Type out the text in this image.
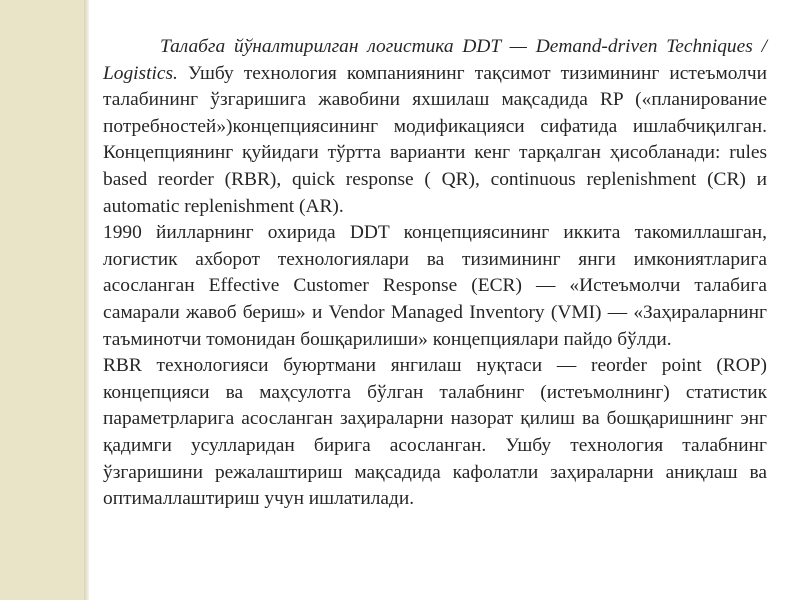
Талабга йўналтирилган логистика DDT — Demand-driven Techniques / Logistics. Ушбу технология компаниянинг тақсимот тизимининг истеъмолчи талабининг ўзгаришига жавобини яхшилаш мақсадида RP («планирование потребностей»)концепциясининг модификацияси сифатида ишлабчиқилган. Концепциянинг қуйидаги тўртта варианти кенг тарқалган ҳисобланади: rules based reorder (RBR), quick response ( QR), continuous replenishment (CR) и automatic replenishment (AR).

1990 йилларнинг охирида DDT концепциясининг иккита такомиллашган, логистик ахборот технологиялари ва тизимининг янги имкониятларига асосланган Effective Customer Response (ECR) — «Истеъмолчи талабига самарали жавоб бериш» и Vendor Managed Inventory (VMI) — «Заҳираларнинг таъминотчи томонидан бошқарилиши» концепциялари пайдо бўлди.

RBR технологияси буюртмани янгилаш нуқтаси — reorder point (ROP) концепцияси ва маҳсулотга бўлган талабнинг (истеъмолнинг) статистик параметрларига асосланган заҳираларни назорат қилиш ва бошқаришнинг энг қадимги усулларидан бирига асосланган. Ушбу технология талабнинг ўзгаришини режалаштириш мақсадида кафолатли заҳираларни аниқлаш ва оптималлаштириш учун ишлатилади.
